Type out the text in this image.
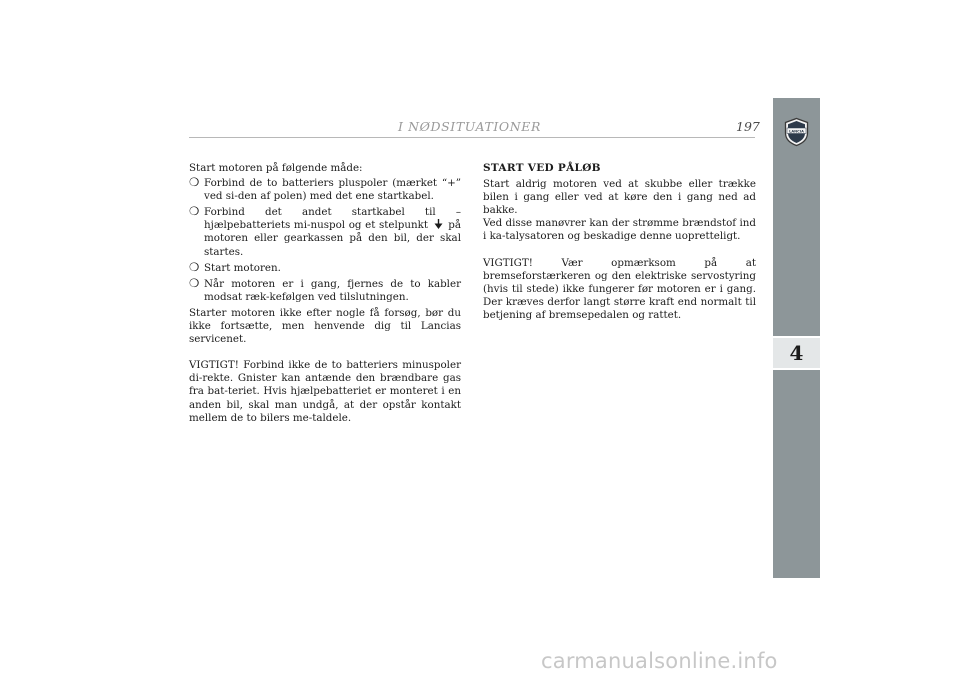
I NØDSITUATIONER	197	LANCIA
4

Start motoren på følgende måde:

❍ Forbind de to batteriers pluspoler (mærket “+” ved si-den af polen) med det ene startkabel.
❍ Forbind det andet startkabel til – hjælpebatteriets mi-nuspol og et stelpunkt på motoren eller gearkassen på den bil, der skal startes.
❍ Start motoren.
❍ Når motoren er i gang, fjernes de to kabler modsat ræk-kefølgen ved tilslutningen.

Starter motoren ikke efter nogle få forsøg, bør du ikke fortsætte, men henvende dig til Lancias servicenet.

VIGTIGT! Forbind ikke de to batteriers minuspoler di-rekte. Gnister kan antænde den brændbare gas fra bat-teriet. Hvis hjælpebatteriet er monteret i en anden bil, skal man undgå, at der opstår kontakt mellem de to bilers me-taldele.

START VED PÅLØB

Start aldrig motoren ved at skubbe eller trække bilen i gang eller ved at køre den i gang ned ad bakke.

Ved disse manøvrer kan der strømme brændstof ind i ka-talysatoren og beskadige denne uopretteligt.

VIGTIGT! Vær opmærksom på at bremseforstærkeren og den elektriske servostyring (hvis til stede) ikke fungerer før motoren er i gang. Der kræves derfor langt større kraft end normalt til betjening af bremsepedalen og rattet.

carmanualsonline.info
